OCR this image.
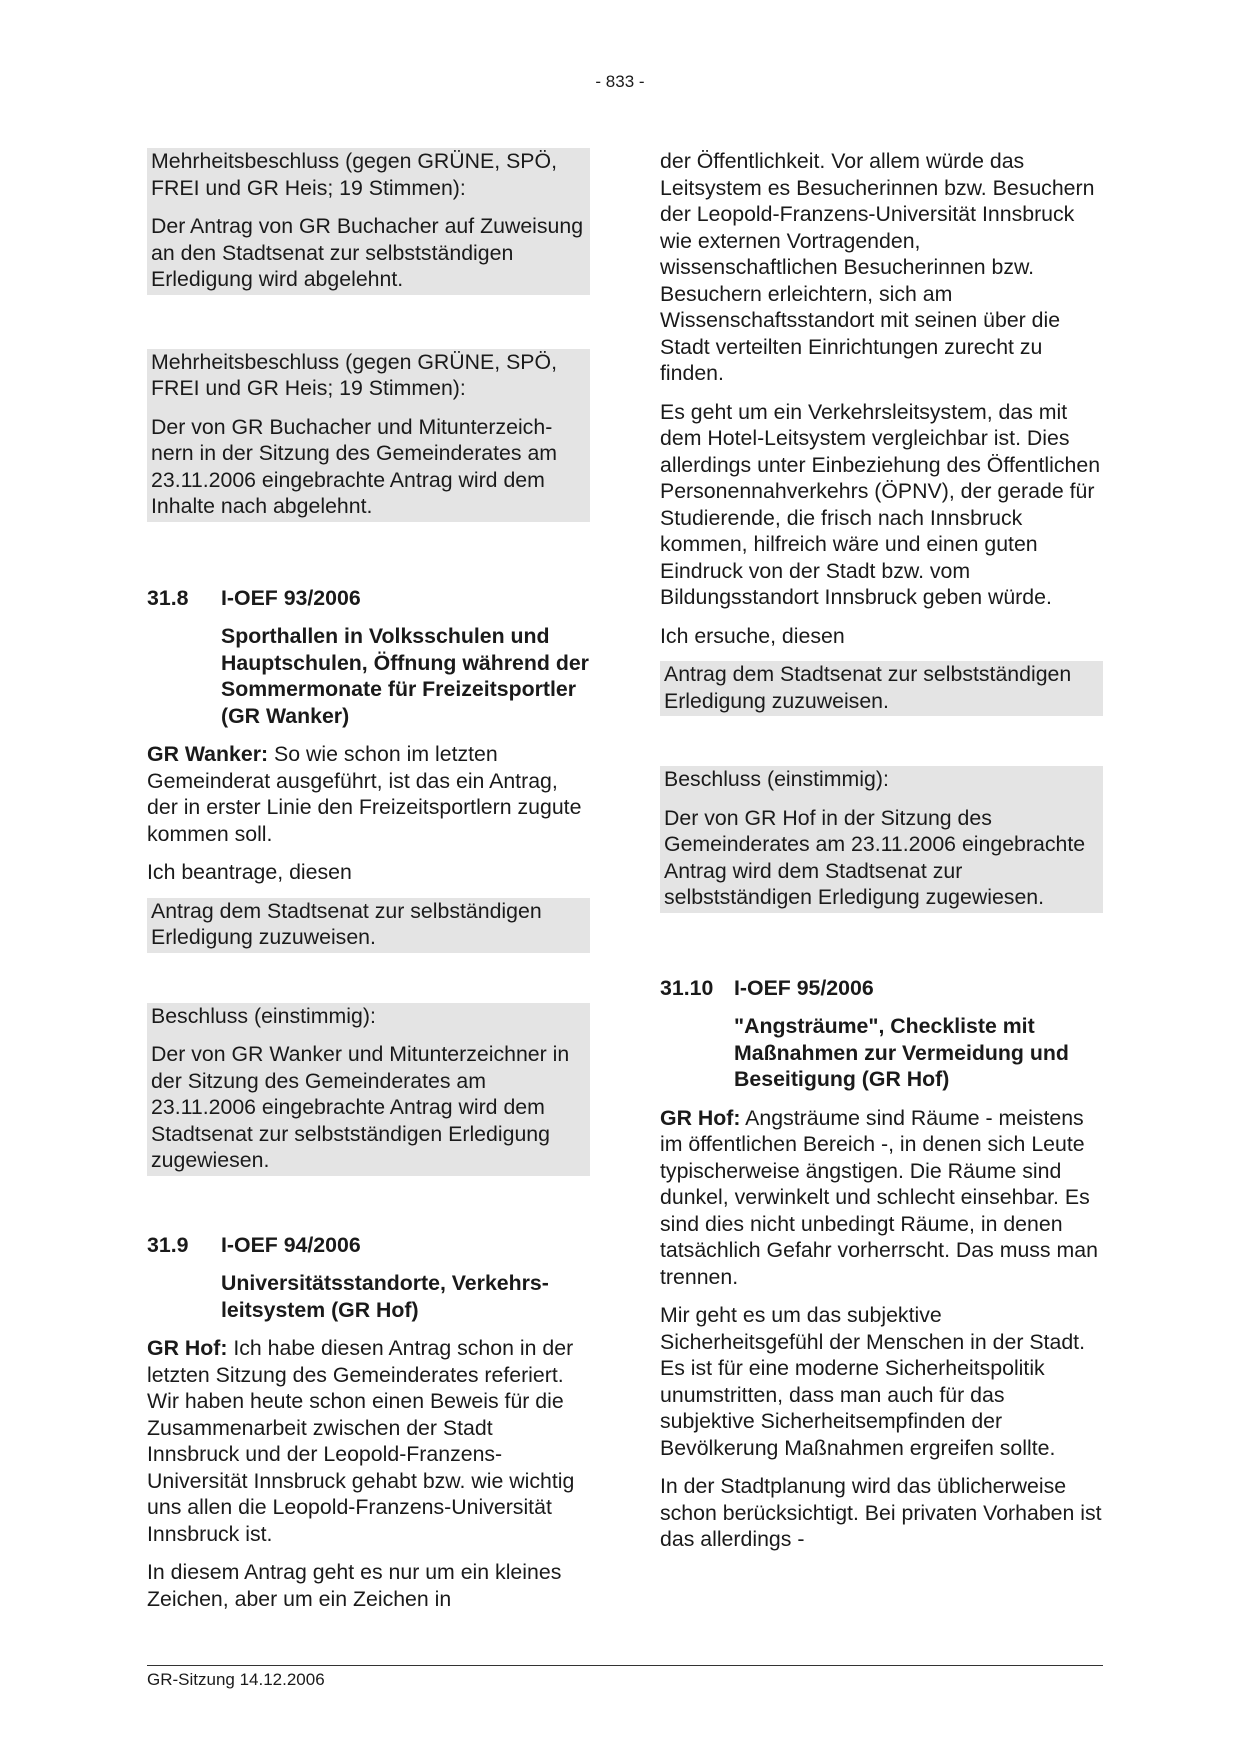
- 833 -

Mehrheitsbeschluss (gegen GRÜNE, SPÖ, FREI und GR Heis; 19 Stimmen):

Der Antrag von GR Buchacher auf Zuweisung an den Stadtsenat zur selbstständigen Erledigung wird abgelehnt.

Mehrheitsbeschluss (gegen GRÜNE, SPÖ, FREI und GR Heis; 19 Stimmen):

Der von GR Buchacher und Mitunterzeichnern in der Sitzung des Gemeinderates am 23.11.2006 eingebrachte Antrag wird dem Inhalte nach abgelehnt.

31.8	I-OEF 93/2006

Sporthallen in Volksschulen und Hauptschulen, Öffnung während der Sommermonate für Freizeitsportler (GR Wanker)

GR Wanker: So wie schon im letzten Gemeinderat ausgeführt, ist das ein Antrag, der in erster Linie den Freizeitsportlern zugute kommen soll.

Ich beantrage, diesen

Antrag dem Stadtsenat zur selbständigen Erledigung zuzuweisen.

Beschluss (einstimmig):

Der von GR Wanker und Mitunterzeichner in der Sitzung des Gemeinderates am 23.11.2006 eingebrachte Antrag wird dem Stadtsenat zur selbstständigen Erledigung zugewiesen.

31.9	I-OEF 94/2006

Universitätsstandorte, Verkehrsleitsystem (GR Hof)

GR Hof: Ich habe diesen Antrag schon in der letzten Sitzung des Gemeinderates referiert. Wir haben heute schon einen Beweis für die Zusammenarbeit zwischen der Stadt Innsbruck und der Leopold-Franzens-Universität Innsbruck gehabt bzw. wie wichtig uns allen die Leopold-Franzens-Universität Innsbruck ist.

In diesem Antrag geht es nur um ein kleines Zeichen, aber um ein Zeichen in

der Öffentlichkeit. Vor allem würde das Leitsystem es Besucherinnen bzw. Besuchern der Leopold-Franzens-Universität Innsbruck wie externen Vortragenden, wissenschaftlichen Besucherinnen bzw. Besuchern erleichtern, sich am Wissenschaftsstandort mit seinen über die Stadt verteilten Einrichtungen zurecht zu finden.

Es geht um ein Verkehrsleitsystem, das mit dem Hotel-Leitsystem vergleichbar ist. Dies allerdings unter Einbeziehung des Öffentlichen Personennahverkehrs (ÖPNV), der gerade für Studierende, die frisch nach Innsbruck kommen, hilfreich wäre und einen guten Eindruck von der Stadt bzw. vom Bildungsstandort Innsbruck geben würde.

Ich ersuche, diesen

Antrag dem Stadtsenat zur selbstständigen Erledigung zuzuweisen.

Beschluss (einstimmig):

Der von GR Hof in der Sitzung des Gemeinderates am 23.11.2006 eingebrachte Antrag wird dem Stadtsenat zur selbstständigen Erledigung zugewiesen.

31.10 I-OEF 95/2006

"Angsträume", Checkliste mit Maßnahmen zur Vermeidung und Beseitigung (GR Hof)

GR Hof: Angsträume sind Räume - meistens im öffentlichen Bereich -, in denen sich Leute typischerweise ängstigen. Die Räume sind dunkel, verwinkelt und schlecht einsehbar. Es sind dies nicht unbedingt Räume, in denen tatsächlich Gefahr vorherrscht. Das muss man trennen.

Mir geht es um das subjektive Sicherheitsgefühl der Menschen in der Stadt. Es ist für eine moderne Sicherheitspolitik unumstritten, dass man auch für das subjektive Sicherheitsempfinden der Bevölkerung Maßnahmen ergreifen sollte.

In der Stadtplanung wird das üblicherweise schon berücksichtigt. Bei privaten Vorhaben ist das allerdings -

GR-Sitzung 14.12.2006
